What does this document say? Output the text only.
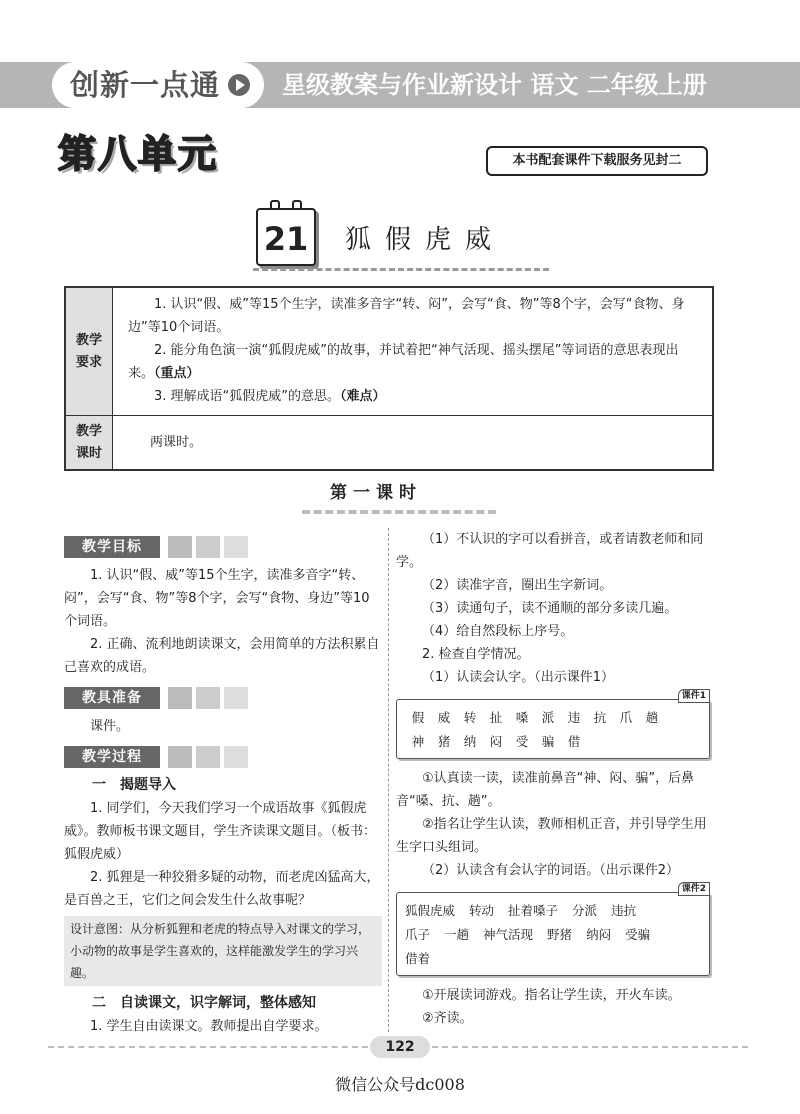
创新一点通	星级教案与作业新设计 语文 二年级上册
第八单元	本书配套课件下载服务见封二
21 狐假虎威
教学要求

1. 认识“假、威”等15个生字，读准多音字“转、闷”，会写“食、物”等8个字，会写“食物、身边”等10个词语。

2. 能分角色演一演“狐假虎威”的故事，并试着把“神气活现、摇头摆尾”等词语的意思表现出来。（重点）

3. 理解成语“狐假虎威”的意思。（难点）

教学课时
两课时。
第一课时
教学目标

1. 认识“假、威”等15个生字，读准多音字“转、闷”，会写“食、物”等8个字，会写“食物、身边”等10个词语。

2. 正确、流利地朗读课文，会用简单的方法积累自己喜欢的成语。

教具准备

课件。

教学过程

一　揭题导入

1. 同学们，今天我们学习一个成语故事《狐假虎威》。教师板书课文题目，学生齐读课文题目。（板书：狐假虎威）

2. 狐狸是一种狡猾多疑的动物，而老虎凶猛高大，是百兽之王，它们之间会发生什么故事呢？

设计意图：从分析狐狸和老虎的特点导入对课文的学习，小动物的故事是学生喜欢的，这样能激发学生的学习兴趣。

二　自读课文，识字解词，整体感知

1. 学生自由读课文。教师提出自学要求。

（1）不认识的字可以看拼音，或者请教老师和同学。

（2）读准字音，圈出生字新词。

（3）读通句子，读不通顺的部分多读几遍。

（4）给自然段标上序号。

2. 检查自学情况。

（1）认读会认字。（出示课件1）

课件1
假 威 转 扯 嗓 派 违 抗 爪 趟
神 猪 纳 闷 受 骗 借

①认真读一读，读准前鼻音“神、闷、骗”，后鼻音“嗓、抗、趟”。

②指名让学生认读，教师相机正音，并引导学生用生字口头组词。

（2）认读含有会认字的词语。（出示课件2）

课件2
狐假虎威 转动 扯着嗓子 分派 违抗
爪子 一趟 神气活现 野猪 纳闷 受骗
借着

①开展读词游戏。指名让学生读，开火车读。

②齐读。

122
微信公众号dc008
